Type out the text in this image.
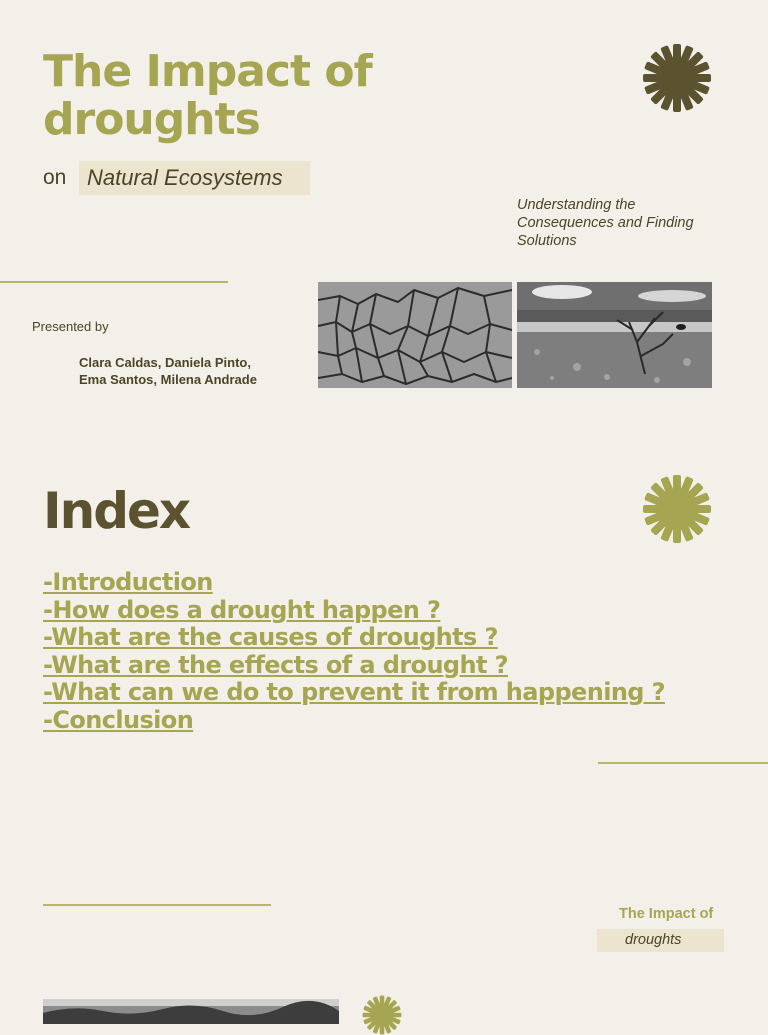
The Impact of
droughts
on Natural Ecosystems
Understanding the
Consequences and Finding
Solutions
Presented by
Clara Caldas, Daniela Pinto,
Ema Santos, Milena Andrade
Index
-Introduction
-How does a drought happen ?
-What are the causes of droughts ?
-What are the effects of a drought ?
-What can we do to prevent it from happening ?
-Conclusion
The Impact of
droughts
